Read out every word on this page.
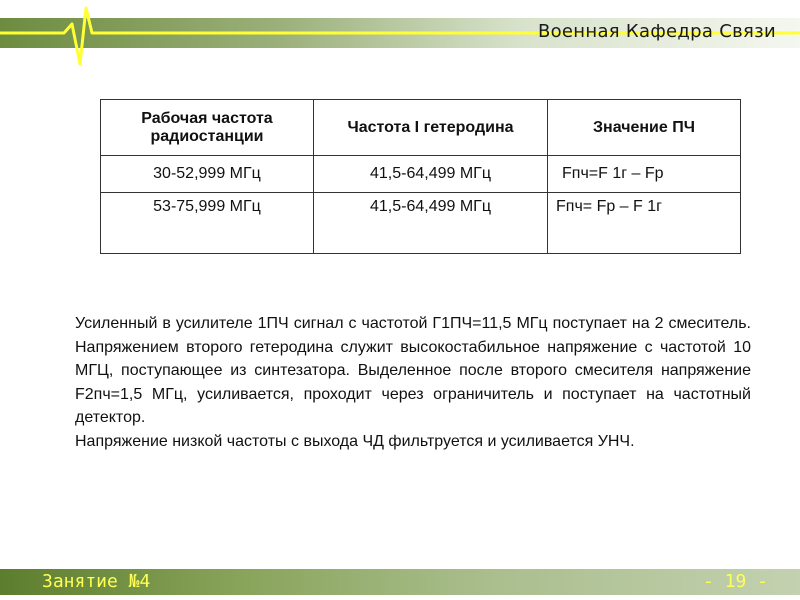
Военная Кафедра Связи
Рабочая частота радиостанции	Частота I гетеродина	Значение ПЧ
30-52,999 МГц	41,5-64,499 МГц	Fпч=F 1г – Fр
53-75,999 МГц	41,5-64,499 МГц	Fпч= Fр – F 1г

Усиленный в усилителе 1ПЧ сигнал с частотой Г1ПЧ=11,5 МГц поступает на 2 смеситель. Напряжением второго гетеродина служит высокостабильное напряжение с частотой 10 МГЦ, поступающее из синтезатора. Выделенное после второго смесителя напряжение F2пч=1,5 МГц, усиливается, проходит через ограничитель и поступает на частотный детектор.

Напряжение низкой частоты с выхода ЧД фильтруется и усиливается УНЧ.

Занятие №4	- 19 -
